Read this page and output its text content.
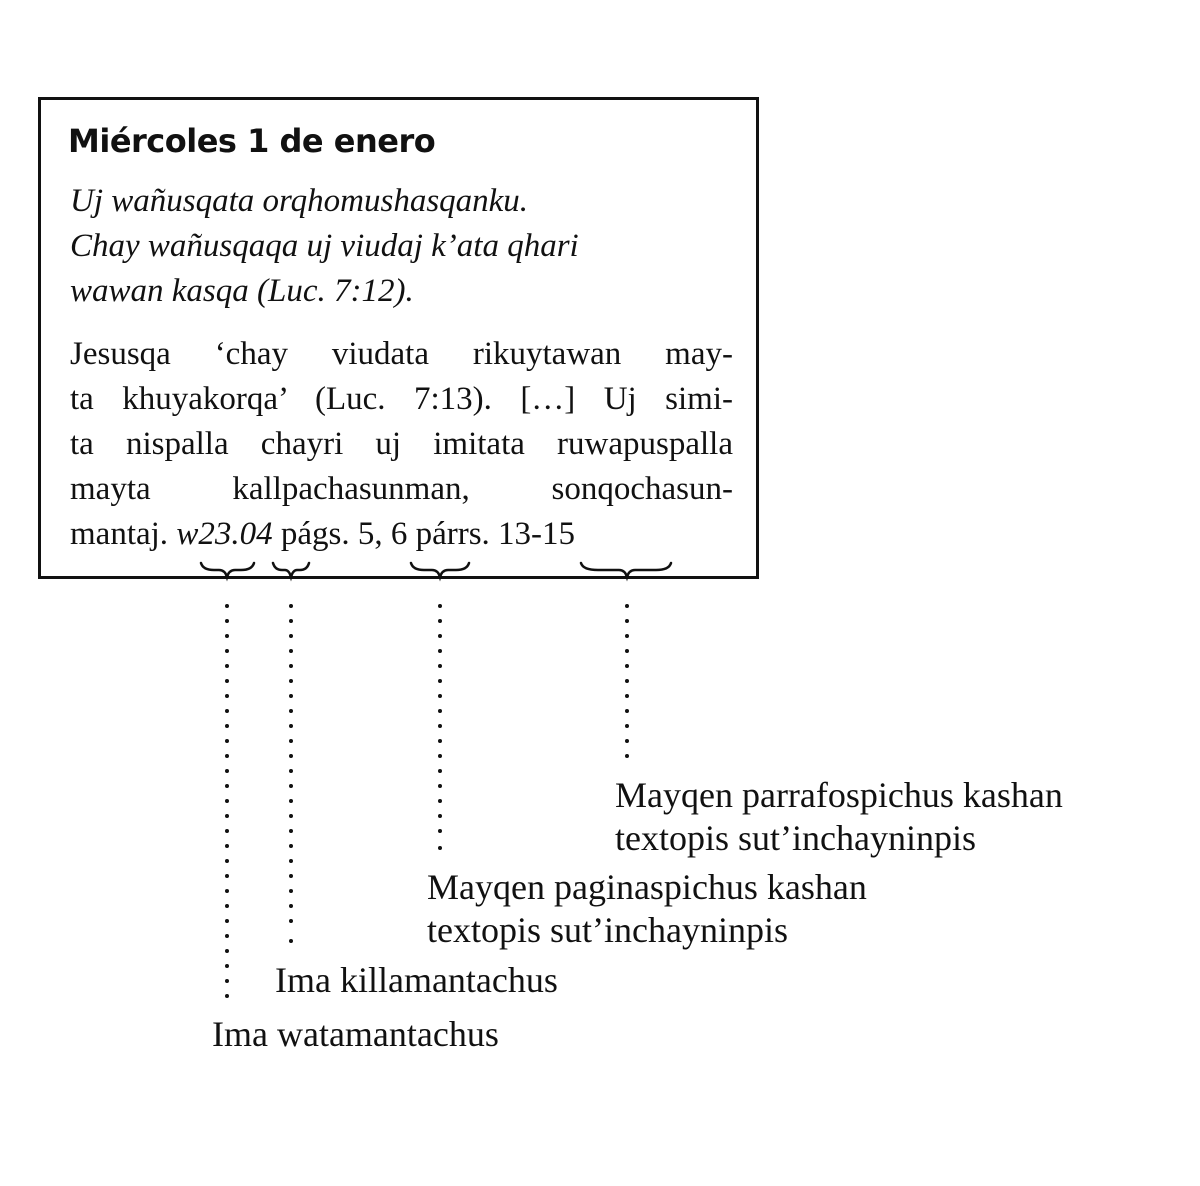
Miércoles 1 de enero
Uj wañusqata orqhomushasqanku.
Chay wañusqaqa uj viudaj k’ata qhari
wawan kasqa (Luc. 7:12).
Jesusqa ‘chay viudata rikuytawan may-
ta khuyakorqa’ (Luc. 7:13). […] Uj simi-
ta nispalla chayri uj imitata ruwapuspalla
mayta kallpachasunman, sonqochasun-
mantaj. w23.04 págs. 5, 6 párrs. 13-15
Mayqen parrafospichus kashan
textopis sut’inchayninpis
Mayqen paginaspichus kashan
textopis sut’inchayninpis
Ima killamantachus
Ima watamantachus
